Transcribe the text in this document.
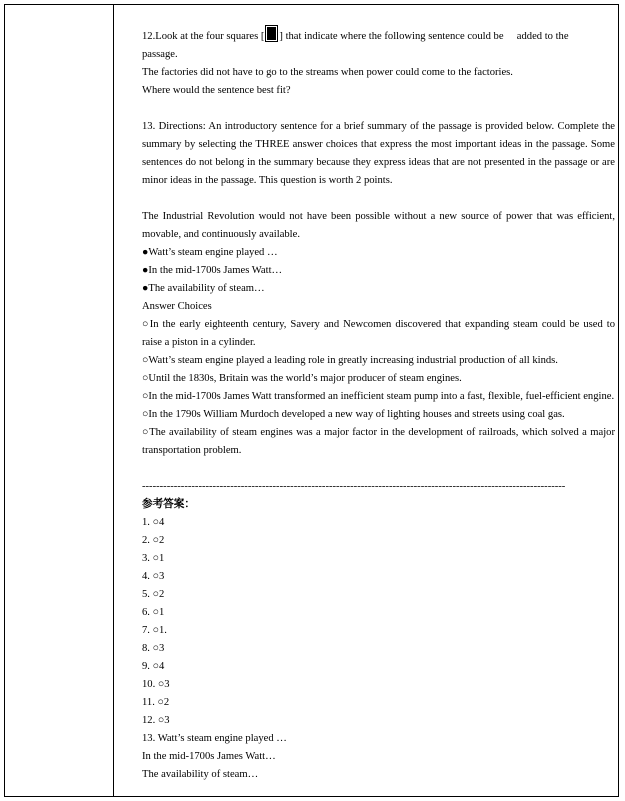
12.Look at the four squares [ ] that indicate where the following sentence could be     added to the
passage.
The factories did not have to go to the streams when power could come to the factories.
Where would the sentence best fit?
13. Directions: An introductory sentence for a brief summary of the passage is provided below. Complete the summary by selecting the THREE answer choices that express the most important ideas in the passage. Some sentences do not belong in the summary because they express ideas that are not presented in the passage or are minor ideas in the passage. This question is worth 2 points.
The Industrial Revolution would not have been possible without a new source of power that was efficient, movable, and continuously available.
●Watt’s steam engine played …
●In the mid-1700s James Watt…
●The availability of steam…
Answer Choices
○In the early eighteenth century, Savery and Newcomen discovered that expanding steam could be used to raise a piston in a cylinder.
○Watt’s steam engine played a leading role in greatly increasing industrial production of all kinds.
○Until the 1830s, Britain was the world’s major producer of steam engines.
○In the mid-1700s James Watt transformed an inefficient steam pump into a fast, flexible, fuel-efficient engine.
○In the 1790s William Murdoch developed a new way of lighting houses and streets using coal gas.
○The availability of steam engines was a major factor in the development of railroads, which solved a major transportation problem.
------------------------------------------------------------------------------------------------------------------------
参考答案：
1. ○4
2. ○2
3. ○1
4. ○3
5. ○2
6. ○1
7. ○1.
8. ○3
9. ○4
10. ○3
11. ○2
12. ○3
13. Watt’s steam engine played …
In the mid-1700s James Watt…
The availability of steam…
